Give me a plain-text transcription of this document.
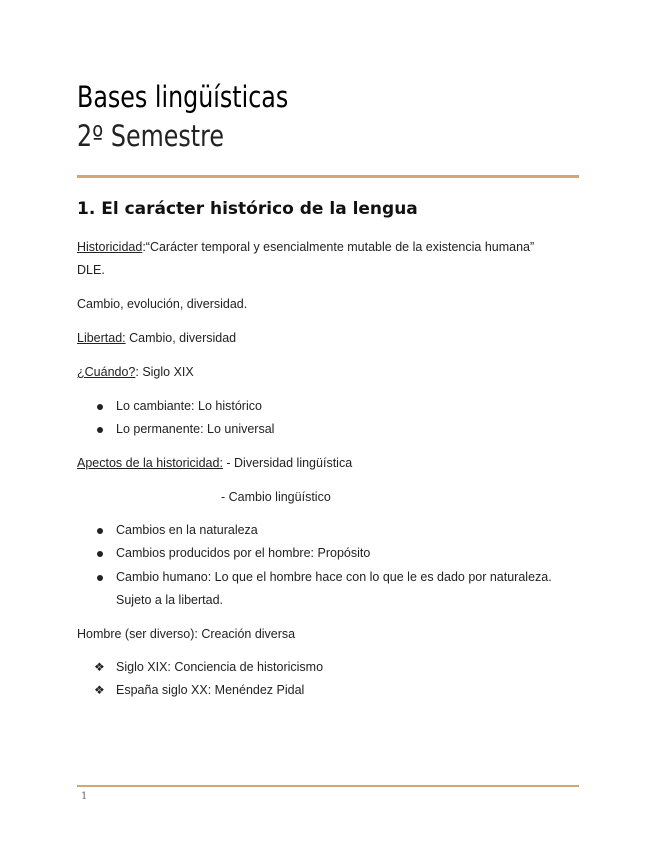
Bases lingüísticas
2º Semestre
1. El carácter histórico de la lengua

Historicidad:“Carácter temporal y esencialmente mutable de la existencia humana”

DLE.

Cambio, evolución, diversidad.

Libertad: Cambio, diversidad

¿Cuándo?: Siglo XIX

Lo cambiante: Lo histórico
Lo permanente: Lo universal

Apectos de la historicidad: - Diversidad lingüística

- Cambio lingüístico

Cambios en la naturaleza
Cambios producidos por el hombre: Propósito
Cambio humano: Lo que el hombre hace con lo que le es dado por naturaleza.
Sujeto a la libertad.

Hombre (ser diverso): Creación diversa

❖ Siglo XIX: Conciencia de historicismo
❖ España siglo XX: Menéndez Pidal
1
